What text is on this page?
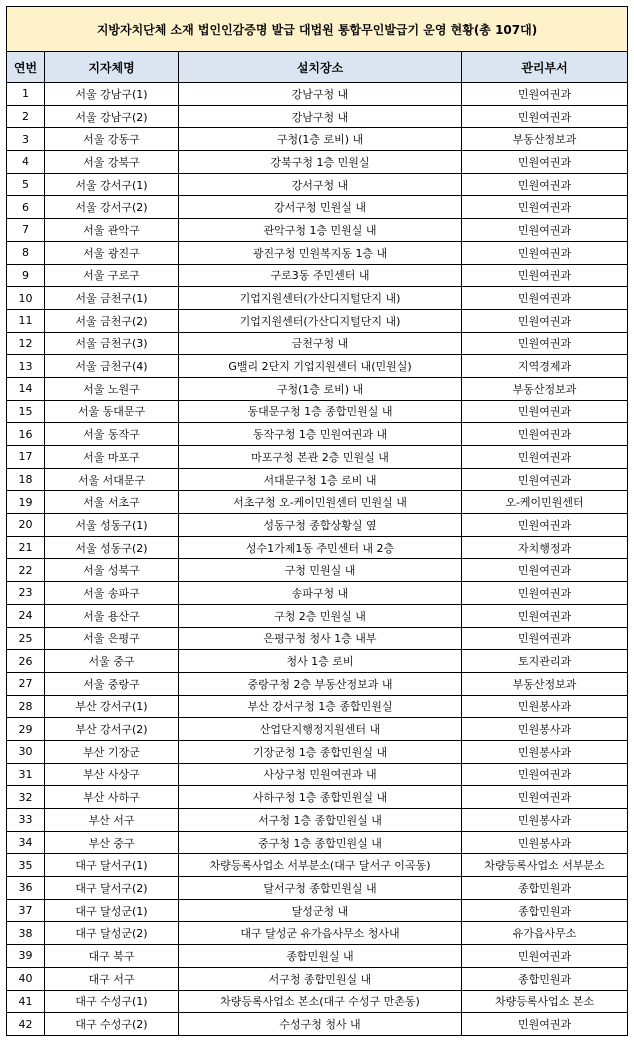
지방자치단체 소재 법인인감증명 발급 대법원 통합무인발급기 운영 현황(총 107대)			
연번	지자체명	설치장소	관리부서
1	서울 강남구(1)	강남구청 내	민원여권과
2	서울 강남구(2)	강남구청 내	민원여권과
3	서울 강동구	구청(1층 로비) 내	부동산정보과
4	서울 강북구	강북구청 1층 민원실	민원여권과
5	서울 강서구(1)	강서구청 내	민원여권과
6	서울 강서구(2)	강서구청 민원실 내	민원여권과
7	서울 관악구	관악구청 1층 민원실 내	민원여권과
8	서울 광진구	광진구청 민원복지동 1층 내	민원여권과
9	서울 구로구	구로3동 주민센터 내	민원여권과
10	서울 금천구(1)	기업지원센터(가산디지털단지 내)	민원여권과
11	서울 금천구(2)	기업지원센터(가산디지털단지 내)	민원여권과
12	서울 금천구(3)	금천구청 내	민원여권과
13	서울 금천구(4)	G밸리 2단지 기업지원센터 내(민원실)	지역경제과
14	서울 노원구	구청(1층 로비) 내	부동산정보과
15	서울 동대문구	동대문구청 1층 종합민원실 내	민원여권과
16	서울 동작구	동작구청 1층 민원여권과 내	민원여권과
17	서울 마포구	마포구청 본관 2층 민원실 내	민원여권과
18	서울 서대문구	서대문구청 1층 로비 내	민원여권과
19	서울 서초구	서초구청 오-케이민원센터 민원실 내	오-케이민원센터
20	서울 성동구(1)	성동구청 종합상황실 옆	민원여권과
21	서울 성동구(2)	성수1가제1동 주민센터 내 2층	자치행정과
22	서울 성북구	구청 민원실 내	민원여권과
23	서울 송파구	송파구청 내	민원여권과
24	서울 용산구	구청 2층 민원실 내	민원여권과
25	서울 은평구	은평구청 청사 1층 내부	민원여권과
26	서울 중구	청사 1층 로비	토지관리과
27	서울 중랑구	중랑구청 2층 부동산정보과 내	부동산정보과
28	부산 강서구(1)	부산 강서구청 1층 종합민원실	민원봉사과
29	부산 강서구(2)	산업단지행정지원센터 내	민원봉사과
30	부산 기장군	기장군청 1층 종합민원실 내	민원봉사과
31	부산 사상구	사상구청 민원여권과 내	민원여권과
32	부산 사하구	사하구청 1층 종합민원실 내	민원여권과
33	부산 서구	서구청 1층 종합민원실 내	민원봉사과
34	부산 중구	중구청 1층 종합민원실 내	민원봉사과
35	대구 달서구(1)	차량등록사업소 서부분소(대구 달서구 이곡동)	차량등록사업소 서부분소
36	대구 달서구(2)	달서구청 종합민원실 내	종합민원과
37	대구 달성군(1)	달성군청 내	종합민원과
38	대구 달성군(2)	대구 달성군 유가읍사무소 청사내	유가읍사무소
39	대구 북구	종합민원실 내	민원여권과
40	대구 서구	서구청 종합민원실 내	종합민원과
41	대구 수성구(1)	차량등록사업소 본소(대구 수성구 만촌동)	차량등록사업소 본소
42	대구 수성구(2)	수성구청 청사 내	민원여권과
